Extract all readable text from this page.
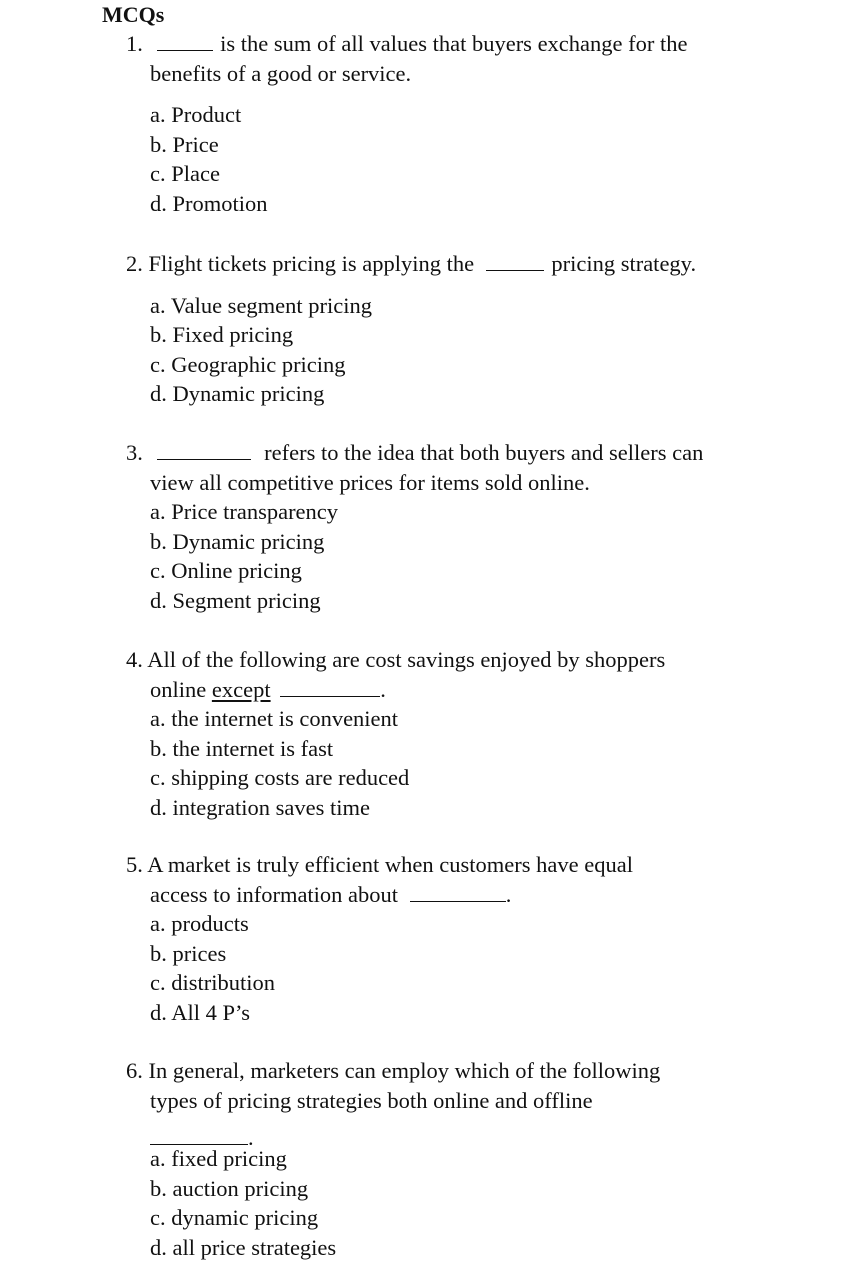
MCQs
1.	is the sum of all values that buyers exchange for the
benefits of a good or service.
a. Product
b. Price
c. Place
d. Promotion
2. Flight tickets pricing is applying the	pricing strategy.
a. Value segment pricing
b. Fixed pricing
c. Geographic pricing
d. Dynamic pricing
3.	refers to the idea that both buyers and sellers can
view all competitive prices for items sold online.
a. Price transparency
b. Dynamic pricing
c. Online pricing
d. Segment pricing
4. All of the following are cost savings enjoyed by shoppers
online except	.
a. the internet is convenient
b. the internet is fast
c. shipping costs are reduced
d. integration saves time
5. A market is truly efficient when customers have equal
access to information about	.
a. products
b. prices
c. distribution
d. All 4 P’s
6. In general, marketers can employ which of the following
types of pricing strategies both online and offline
.
a. fixed pricing
b. auction pricing
c. dynamic pricing
d. all price strategies
